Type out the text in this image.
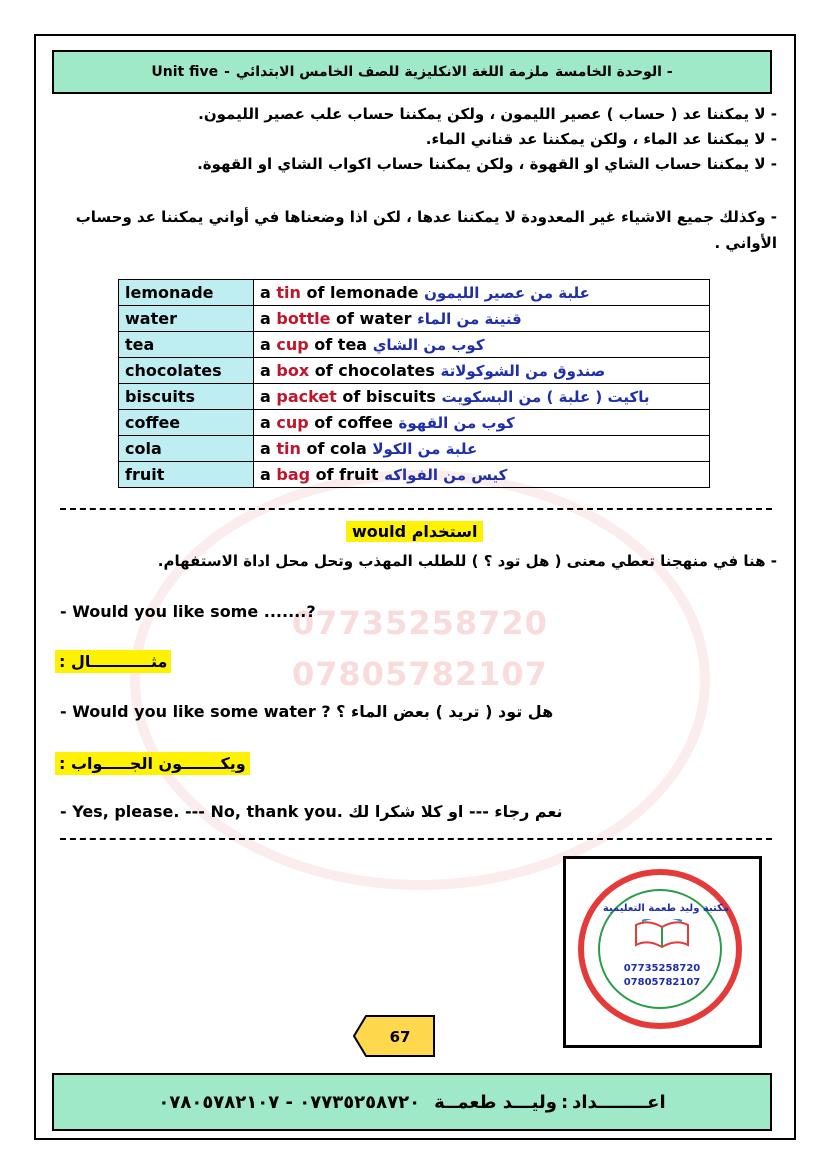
07735258720
07805782107
Unit five - ملزمة اللغة الانكليزية للصف الخامس الابتدائي - الوحدة الخامسة

- لا يمكننا عد ( حساب ) عصير الليمون ، ولكن يمكننا حساب علب عصير الليمون.

- لا يمكننا عد الماء ، ولكن يمكننا عد قناني الماء.

- لا يمكننا حساب الشاي او القهوة ، ولكن يمكننا حساب اكواب الشاي او القهوة.

- وكذلك جميع الاشياء غير المعدودة لا يمكننا عدها ، لكن اذا وضعناها في أواني يمكننا عد وحساب الأواني .
lemonade	a tin of lemonade علبة من عصير الليمون
water	a bottle of water قنينة من الماء
tea	a cup of tea كوب من الشاي
chocolates	a box of chocolates صندوق من الشوكولاتة
biscuits	a packet of biscuits باكيت ( علبة ) من البسكويت
coffee	a cup of coffee كوب من القهوة
cola	a tin of cola علبة من الكولا
fruit	a bag of fruit كيس من الفواكه
استخدام would
- هنا في منهجنا تعطي معنى ( هل تود ؟ ) للطلب المهذب وتحل محل اداة الاستفهام.
- Would you like some .......?
مثـــــــــــال :
- Would you like some water ? هل تود ( تريد ) بعض الماء ؟
ويكـــــــون الجـــــواب :
- Yes, please. --- No, thank you. نعم رجاء --- او كلا شكرا لك
مكتبة وليد طعمة التعليمية
07735258720
07805782107
67
اعــــــــداد
:
وليـــد طعمــة
٠٧٧٣٥٢٥٨٧٢٠ - ٠٧٨٠٥٧٨٢١٠٧
